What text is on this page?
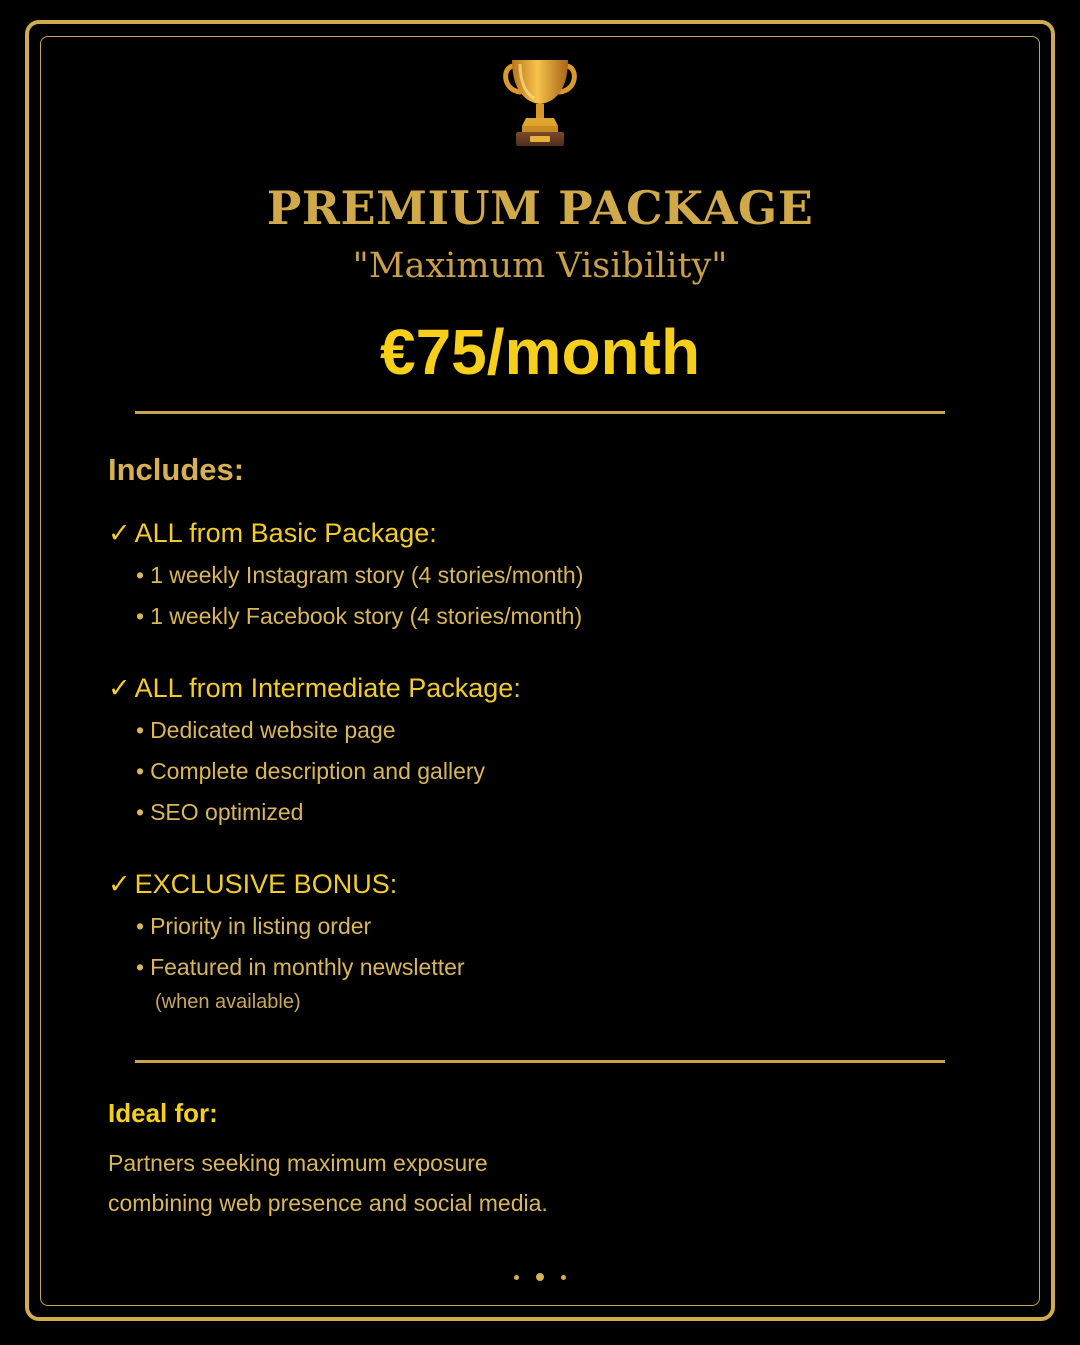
PREMIUM PACKAGE
"Maximum Visibility"
€75/month
Includes:
✓ ALL from Basic Package:
• 1 weekly Instagram story (4 stories/month)
• 1 weekly Facebook story (4 stories/month)
✓ ALL from Intermediate Package:
• Dedicated website page
• Complete description and gallery
• SEO optimized
✓ EXCLUSIVE BONUS:
• Priority in listing order
• Featured in monthly newsletter
(when available)
Ideal for:
Partners seeking maximum exposure
combining web presence and social media.
